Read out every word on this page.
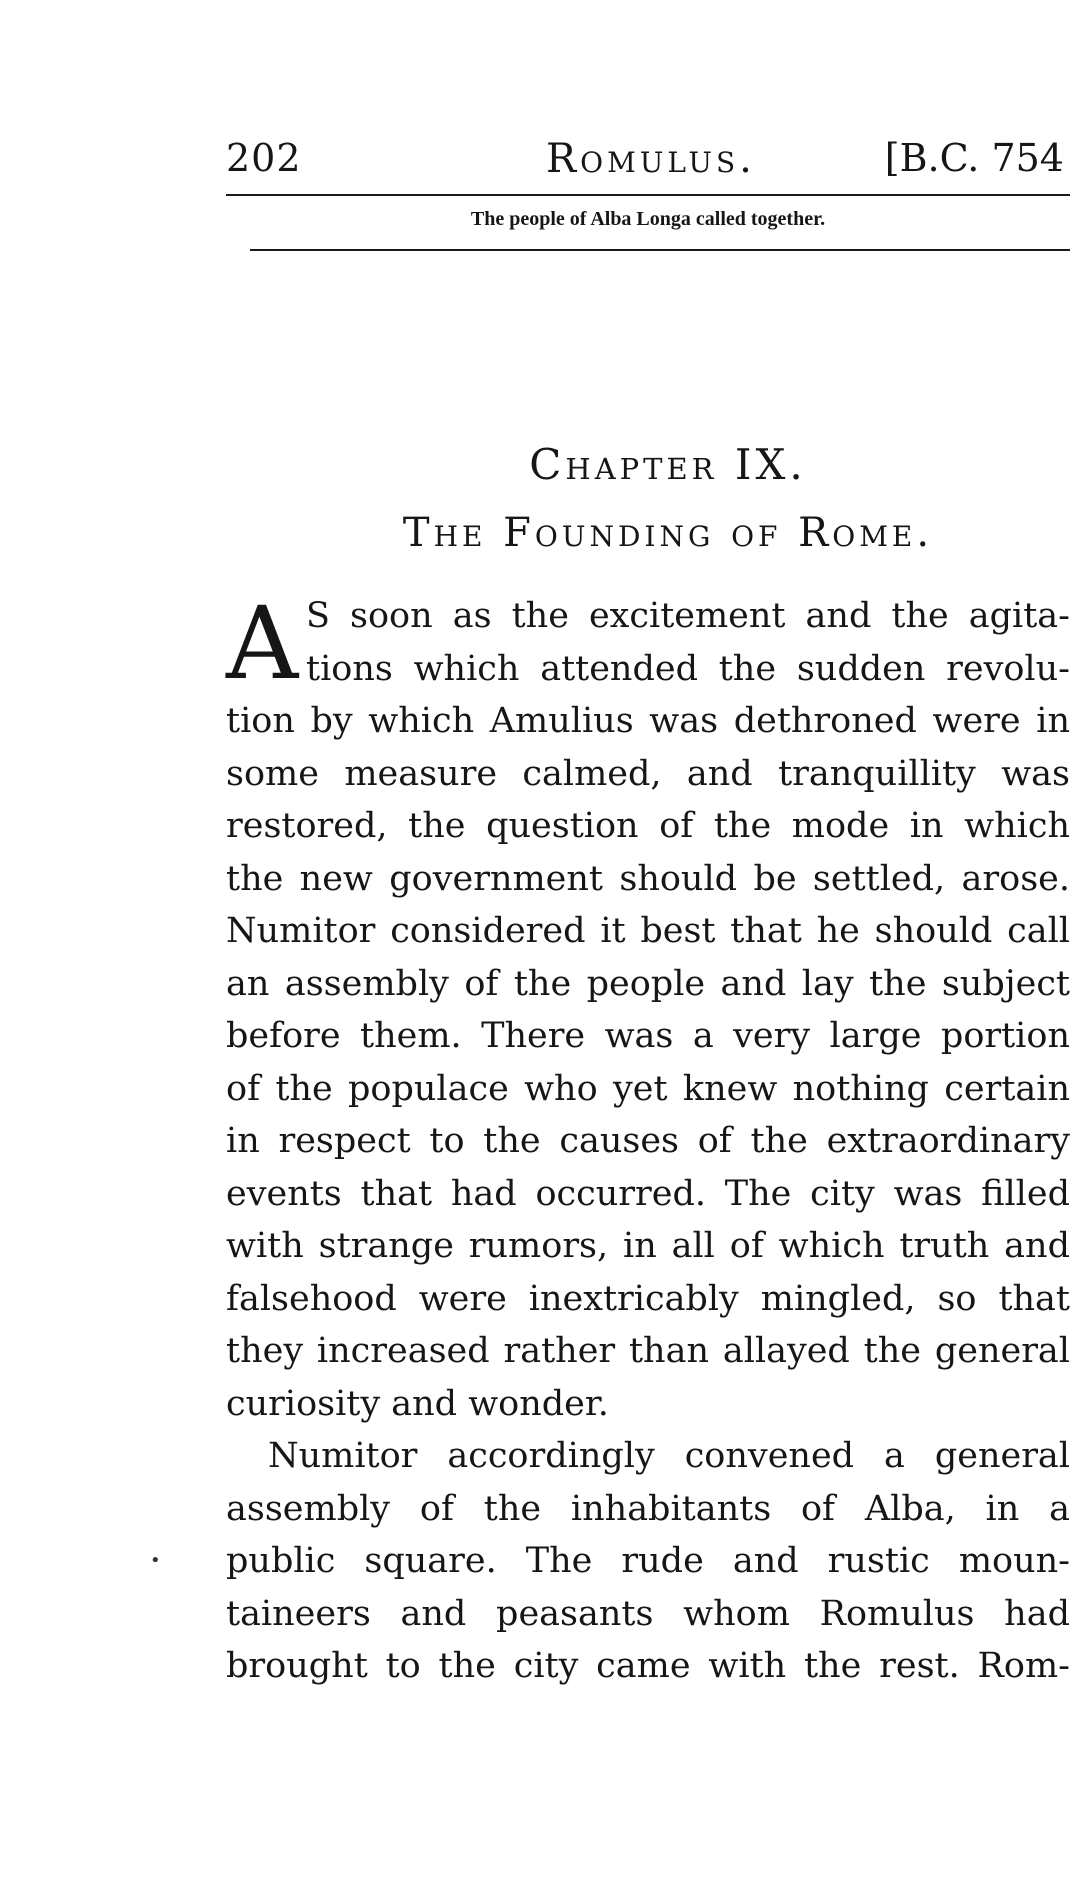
202	Romulus.	[B.C. 754
The people of Alba Longa called together.
Chapter IX.
The Founding of Rome.
A S soon as the excitement and the agita-
tions which attended the sudden revolu-
tion by which Amulius was dethroned were in
some measure calmed, and tranquillity was
restored, the question of the mode in which
the new government should be settled, arose.
Numitor considered it best that he should call
an assembly of the people and lay the subject
before them. There was a very large portion
of the populace who yet knew nothing certain
in respect to the causes of the extraordinary
events that had occurred. The city was filled
with strange rumors, in all of which truth and
falsehood were inextricably mingled, so that
they increased rather than allayed the general
curiosity and wonder.
Numitor accordingly convened a general
assembly of the inhabitants of Alba, in a
public square. The rude and rustic moun-
taineers and peasants whom Romulus had
brought to the city came with the rest. Rom-
•
